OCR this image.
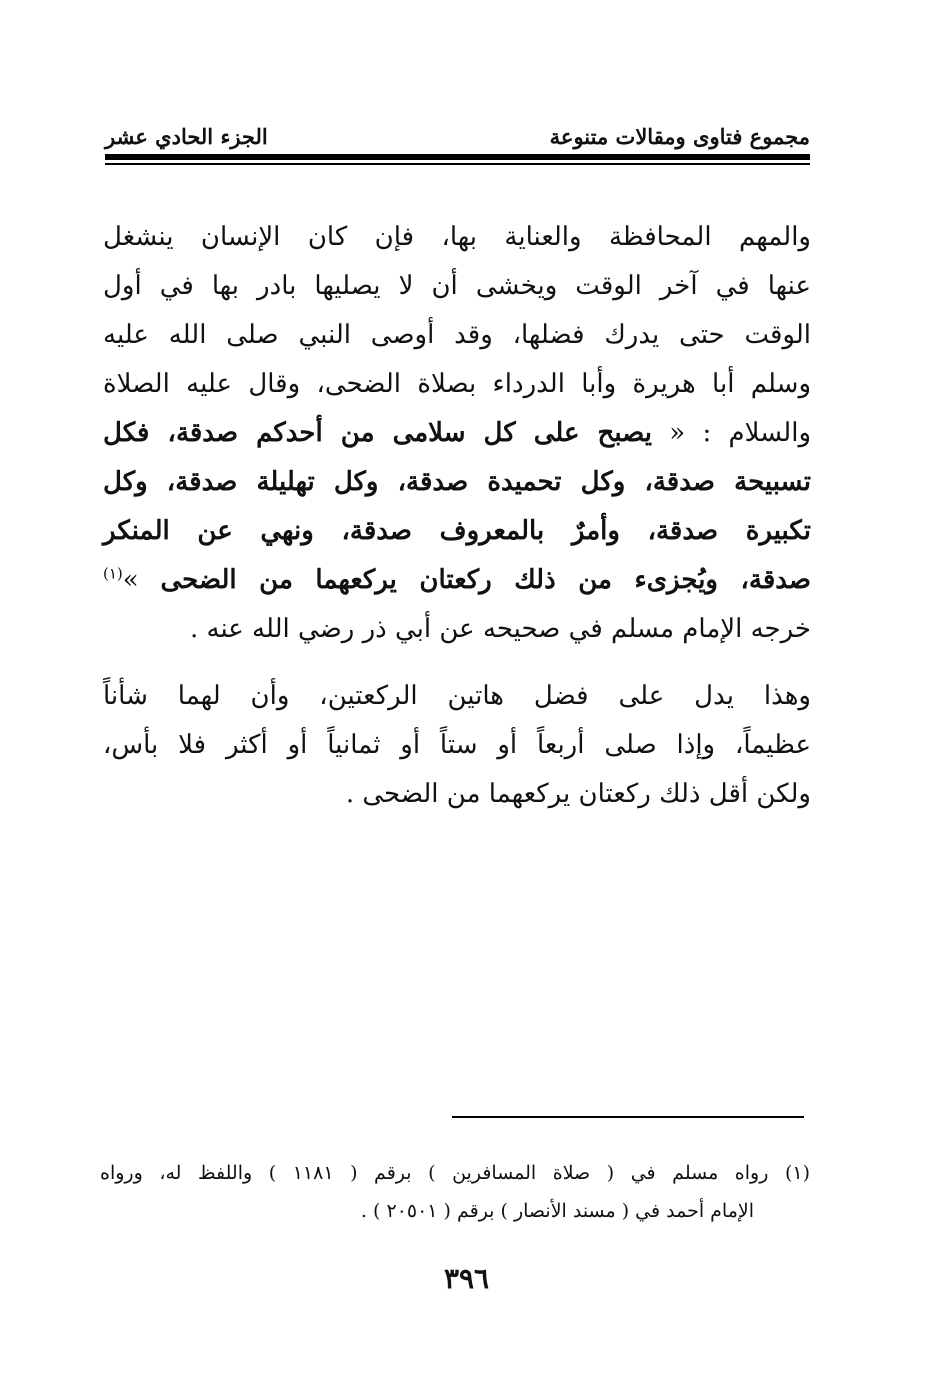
مجموع فتاوى ومقالات متنوعة
الجزء الحادي عشر
والمهم المحافظة والعناية بها، فإن كان الإنسان ينشغل
عنها في آخر الوقت ويخشى أن لا يصليها بادر بها في أول
الوقت حتى يدرك فضلها، وقد أوصى النبي صلى الله عليه
وسلم أبا هريرة وأبا الدرداء بصلاة الضحى، وقال عليه الصلاة
والسلام : « يصبح على كل سلامى من أحدكم صدقة، فكل
تسبيحة صدقة، وكل تحميدة صدقة، وكل تهليلة صدقة، وكل
تكبيرة صدقة، وأمرٌ بالمعروف صدقة، ونهي عن المنكر
صدقة، ويُجزىء من ذلك ركعتان يركعهما من الضحى »$^{(١)}$
خرجه الإمام مسلم في صحيحه عن أبي ذر رضي الله عنه .
وهذا يدل على فضل هاتين الركعتين، وأن لهما شأناً
عظيماً، وإذا صلى أربعاً أو ستاً أو ثمانياً أو أكثر فلا بأس،
ولكن أقل ذلك ركعتان يركعهما من الضحى .
(١) رواه مسلم في ( صلاة المسافرين ) برقم ( ١١٨١ ) واللفظ له، ورواه
الإمام أحمد في ( مسند الأنصار ) برقم ( ٢٠٥٠١ ) .
٣٩٦
